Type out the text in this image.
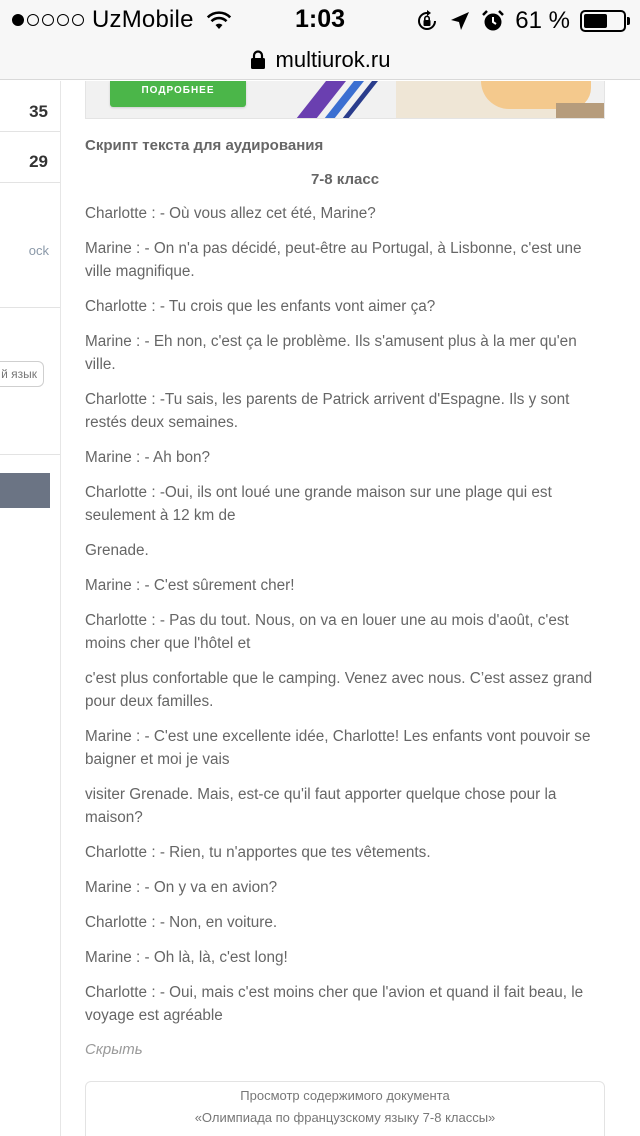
UzMobile	1:03	61 %
multiurok.ru
35
29
ock
й язык
ПОДРОБНЕЕ
Скрипт текста для аудирования
7-8 класс

Charlotte : - Où vous allez cet été, Marine?

Marine : - On n'a pas décidé, peut-être au Portugal, à Lisbonne, c'est une ville magnifique.

Charlotte : - Tu crois que les enfants vont aimer ça?

Marine : - Eh non, c'est ça le problème. Ils s'amusent plus à la mer qu'en ville.

Charlotte : -Tu sais, les parents de Patrick arrivent d'Espagne. Ils y sont restés deux semaines.

Marine : - Ah bon?

Charlotte : -Oui, ils ont loué une grande maison sur une plage qui est seulement à 12 km de

Grenade.

Marine : - C'est sûrement cher!

Charlotte : - Pas du tout. Nous, on va en louer une au mois d'août, c'est moins cher que l'hôtel et

c'est plus confortable que le camping. Venez avec nous. C’est assez grand pour deux familles.

Marine : - C'est une excellente idée, Charlotte! Les enfants vont pouvoir se baigner et moi je vais

visiter Grenade. Mais, est-ce qu'il faut apporter quelque chose pour la maison?

Charlotte : - Rien, tu n'apportes que tes vêtements.

Marine : - On y va en avion?

Charlotte : - Non, en voiture.

Marine : - Oh là, là, c'est long!

Charlotte : - Oui, mais c'est moins cher que l'avion et quand il fait beau, le voyage est agréable

Скрыть
Просмотр содержимого документа
«Олимпиада по французскому языку 7-8 классы»
